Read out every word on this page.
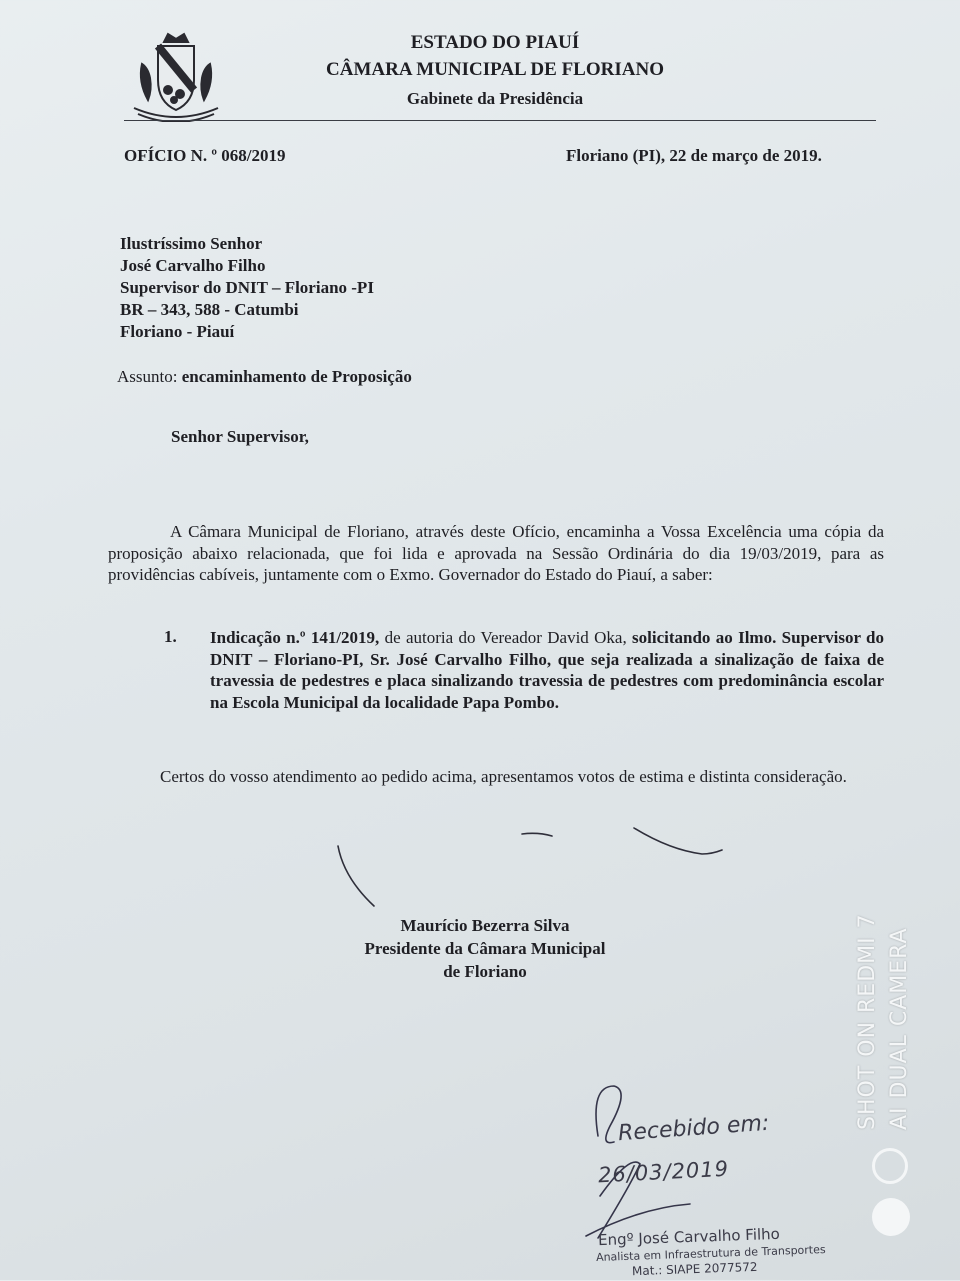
ESTADO DO PIAUÍ
CÂMARA MUNICIPAL DE FLORIANO
Gabinete da Presidência
OFÍCIO N. º 068/2019	Floriano (PI), 22 de março de 2019.
Ilustríssimo Senhor
José Carvalho Filho
Supervisor do DNIT – Floriano -PI
BR – 343, 588 - Catumbi
Floriano - Piauí
Assunto: encaminhamento de Proposição
Senhor Supervisor,
A Câmara Municipal de Floriano, através deste Ofício, encaminha a Vossa Excelência uma cópia da proposição abaixo relacionada, que foi lida e aprovada na Sessão Ordinária do dia 19/03/2019, para as providências cabíveis, juntamente com o Exmo. Governador do Estado do Piauí, a saber:
1. Indicação n.º 141/2019, de autoria do Vereador David Oka, solicitando ao Ilmo. Supervisor do DNIT – Floriano-PI, Sr. José Carvalho Filho, que seja realizada a sinalização de faixa de travessia de pedestres e placa sinalizando travessia de pedestres com predominância escolar na Escola Municipal da localidade Papa Pombo.
Certos do vosso atendimento ao pedido acima, apresentamos votos de estima e distinta consideração.
Maurício Bezerra Silva
Presidente da Câmara Municipal
de Floriano
Recebido em:
26/03/2019
Engº José Carvalho Filho
Analista em Infraestrutura de Transportes
Mat.: SIAPE 2077572
SHOT ON REDMI 7 AI DUAL CAMERA
